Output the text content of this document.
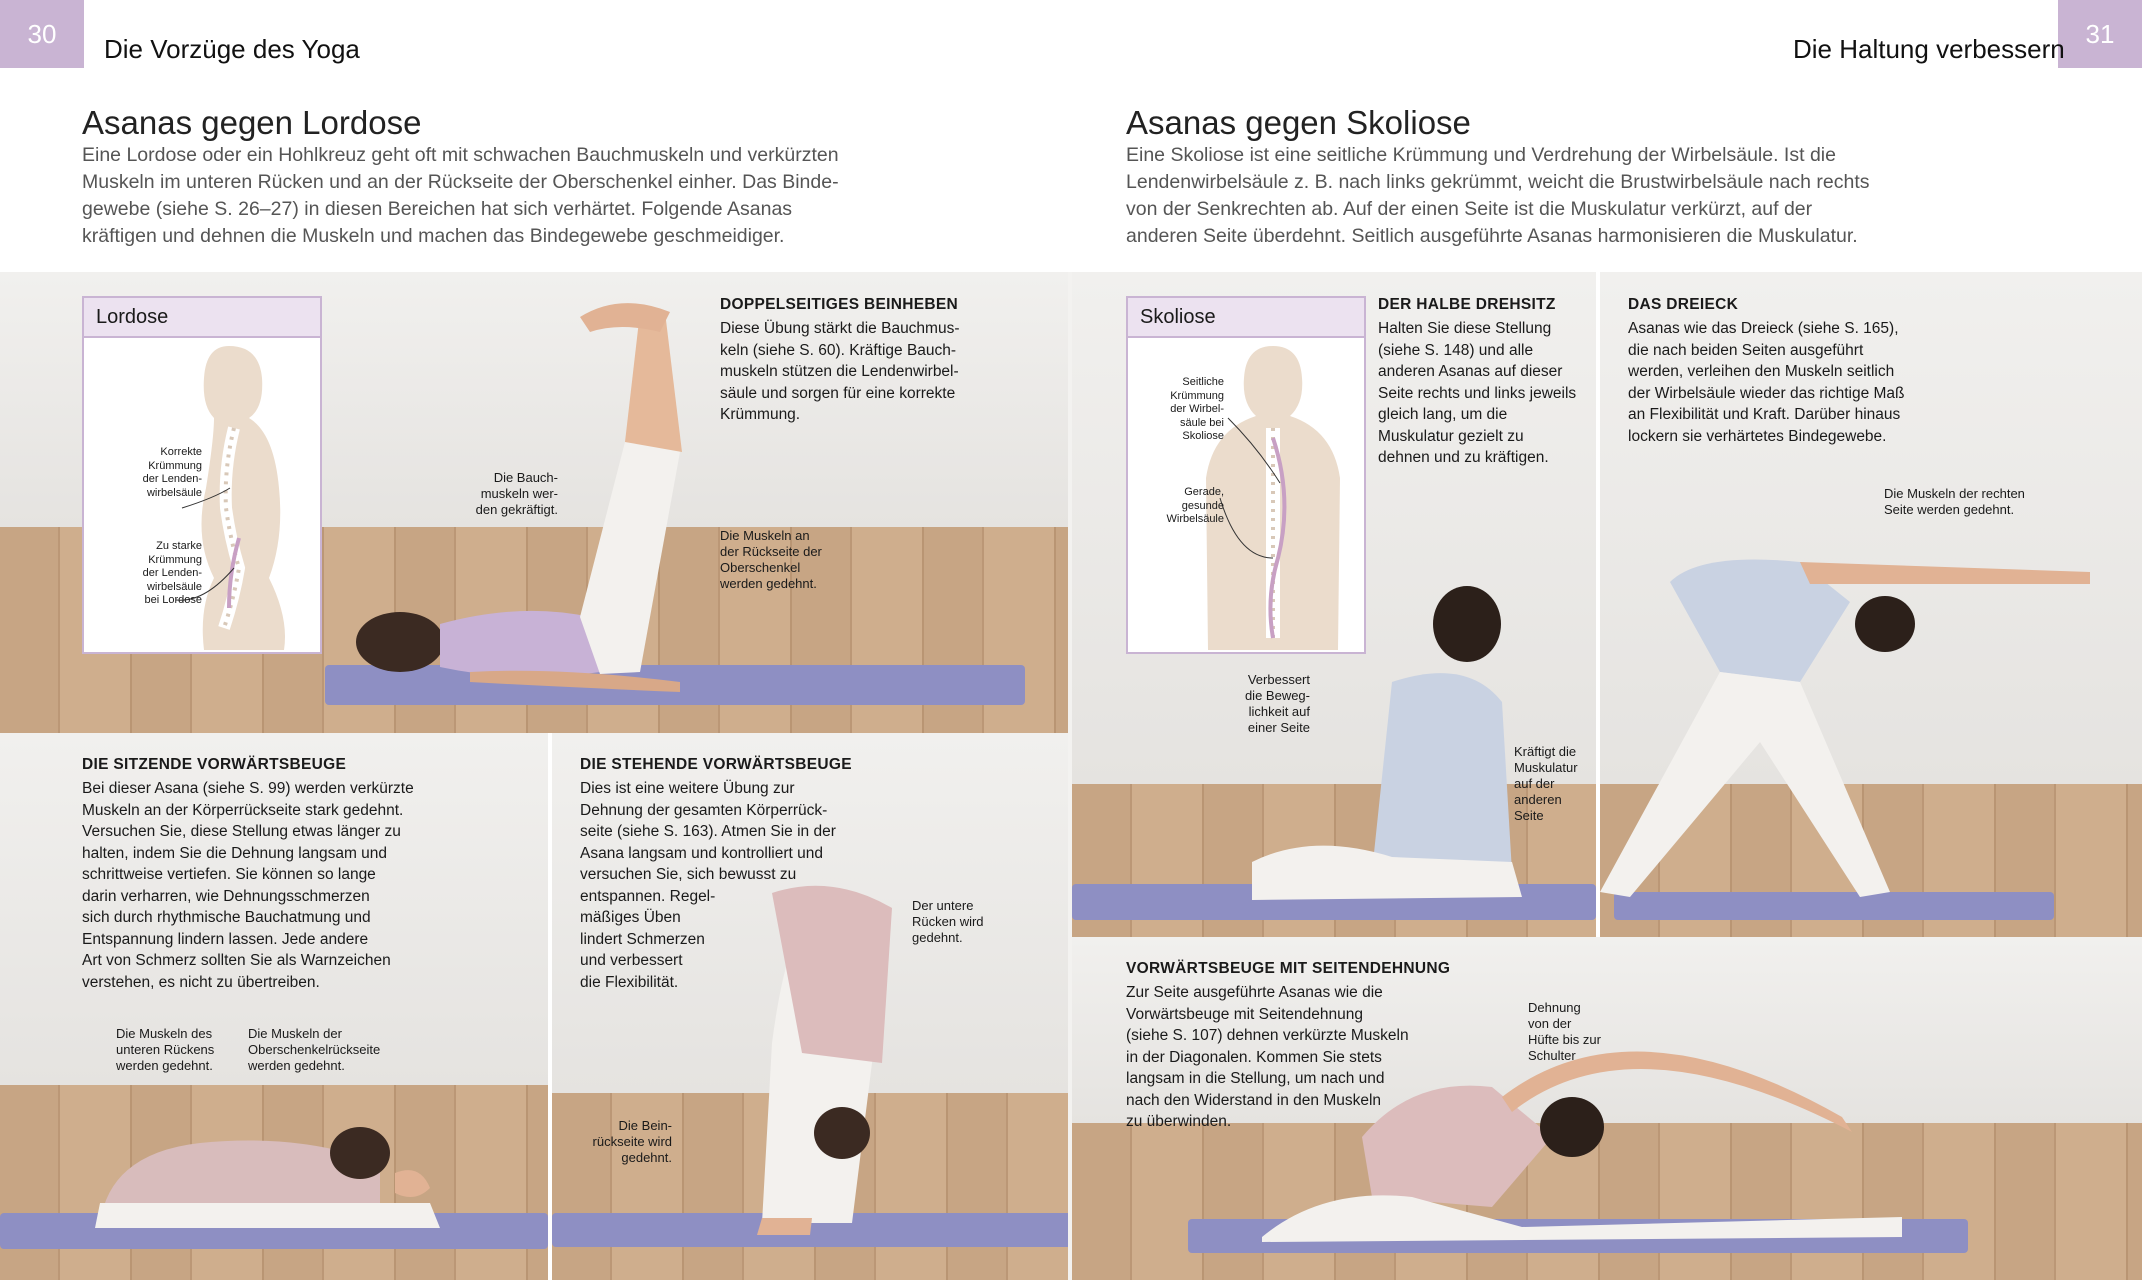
30
Die Vorzüge des Yoga
Asanas gegen Lordose
Eine Lordose oder ein Hohlkreuz geht oft mit schwachen Bauchmuskeln und verkürzten
Muskeln im unteren Rücken und an der Rückseite der Oberschenkel einher. Das Binde-
gewebe (siehe S. 26–27) in diesen Bereichen hat sich verhärtet. Folgende Asanas
kräftigen und dehnen die Muskeln und machen das Bindegewebe geschmeidiger.
31
Die Haltung verbessern
Asanas gegen Skoliose
Eine Skoliose ist eine seitliche Krümmung und Verdrehung der Wirbelsäule. Ist die
Lendenwirbelsäule z. B. nach links gekrümmt, weicht die Brustwirbelsäule nach rechts
von der Senkrechten ab. Auf der einen Seite ist die Muskulatur verkürzt, auf der
anderen Seite überdehnt. Seitlich ausgeführte Asanas harmonisieren die Muskulatur.
Lordose
Korrekte
Krümmung
der Lenden-
wirbelsäule
Zu starke
Krümmung
der Lenden-
wirbelsäule
bei Lordose
DOPPELSEITIGES BEINHEBEN
Diese Übung stärkt die Bauchmus-
keln (siehe S. 60). Kräftige Bauch-
muskeln stützen die Lendenwirbel-
säule und sorgen für eine korrekte
Krümmung.
Die Bauch-
muskeln wer-
den gekräftigt.
Die Muskeln an
der Rückseite der
Oberschenkel
werden gedehnt.
DIE SITZENDE VORWÄRTSBEUGE
Bei dieser Asana (siehe S. 99) werden verkürzte
Muskeln an der Körperrückseite stark gedehnt.
Versuchen Sie, diese Stellung etwas länger zu
halten, indem Sie die Dehnung langsam und
schrittweise vertiefen. Sie können so lange
darin verharren, wie Dehnungsschmerzen
sich durch rhythmische Bauchatmung und
Entspannung lindern lassen. Jede andere
Art von Schmerz sollten Sie als Warnzeichen
verstehen, es nicht zu übertreiben.
Die Muskeln des
unteren Rückens
werden gedehnt.
Die Muskeln der
Oberschenkelrückseite
werden gedehnt.
DIE STEHENDE VORWÄRTSBEUGE
Dies ist eine weitere Übung zur
Dehnung der gesamten Körperrück-
seite (siehe S. 163). Atmen Sie in der
Asana langsam und kontrolliert und
versuchen Sie, sich bewusst zu
entspannen. Regel-
mäßiges Üben
lindert Schmerzen
und verbessert
die Flexibilität.
Der untere
Rücken wird
gedehnt.
Die Bein-
rückseite wird
gedehnt.
Skoliose
Seitliche
Krümmung
der Wirbel-
säule bei
Skoliose
Gerade,
gesunde
Wirbelsäule
DER HALBE DREHSITZ
Halten Sie diese Stellung
(siehe S. 148) und alle
anderen Asanas auf dieser
Seite rechts und links jeweils
gleich lang, um die
Muskulatur gezielt zu
dehnen und zu kräftigen.
Verbessert
die Beweg-
lichkeit auf
einer Seite
Kräftigt die
Muskulatur
auf der
anderen
Seite
DAS DREIECK
Asanas wie das Dreieck (siehe S. 165),
die nach beiden Seiten ausgeführt
werden, verleihen den Muskeln seitlich
der Wirbelsäule wieder das richtige Maß
an Flexibilität und Kraft. Darüber hinaus
lockern sie verhärtetes Bindegewebe.
Die Muskeln der rechten
Seite werden gedehnt.
VORWÄRTSBEUGE MIT SEITENDEHNUNG
Zur Seite ausgeführte Asanas wie die
Vorwärtsbeuge mit Seitendehnung
(siehe S. 107) dehnen verkürzte Muskeln
in der Diagonalen. Kommen Sie stets
langsam in die Stellung, um nach und
nach den Widerstand in den Muskeln
zu überwinden.
Dehnung
von der
Hüfte bis zur
Schulter
